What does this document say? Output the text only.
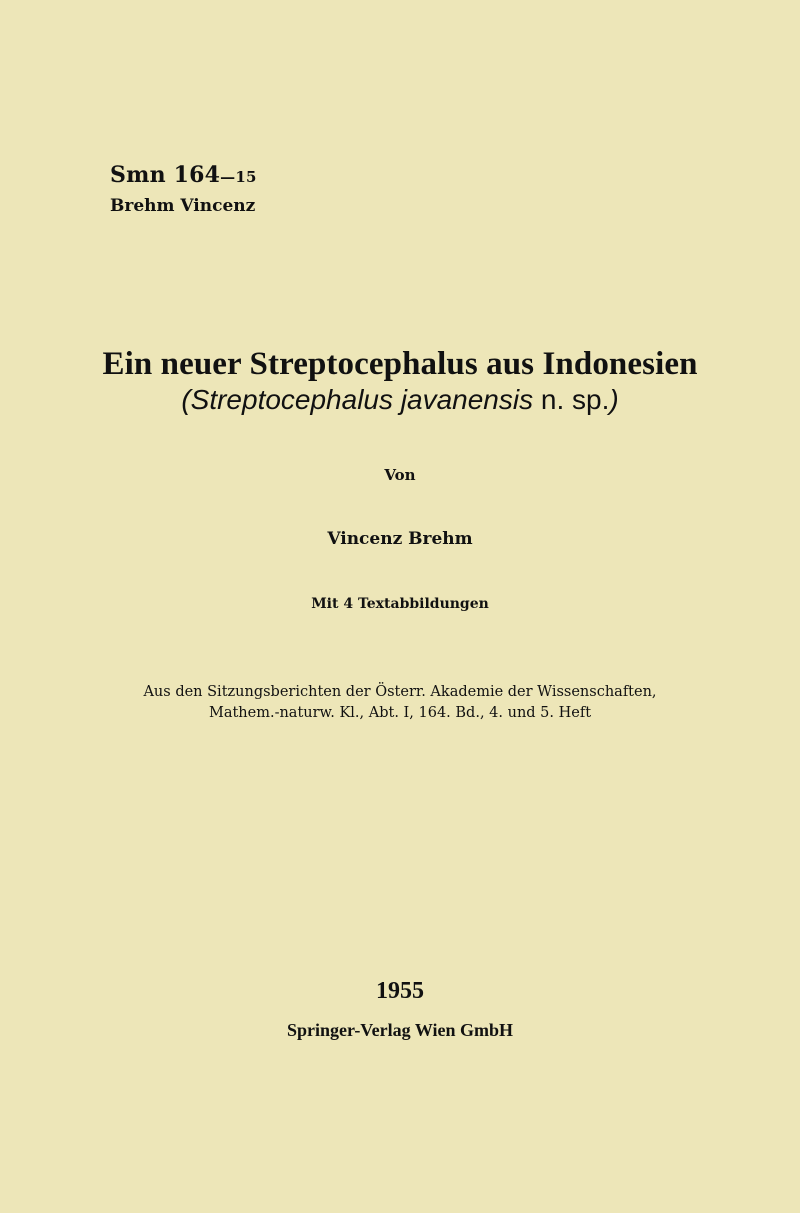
Smn 164—15
Brehm Vincenz
Ein neuer Streptocephalus aus Indonesien
(Streptocephalus javanensis n. sp.)
Von
Vincenz Brehm
Mit 4 Textabbildungen
Aus den Sitzungsberichten der Österr. Akademie der Wissenschaften,
Mathem.-naturw. Kl., Abt. I, 164. Bd., 4. und 5. Heft
1955
Springer-Verlag Wien GmbH
